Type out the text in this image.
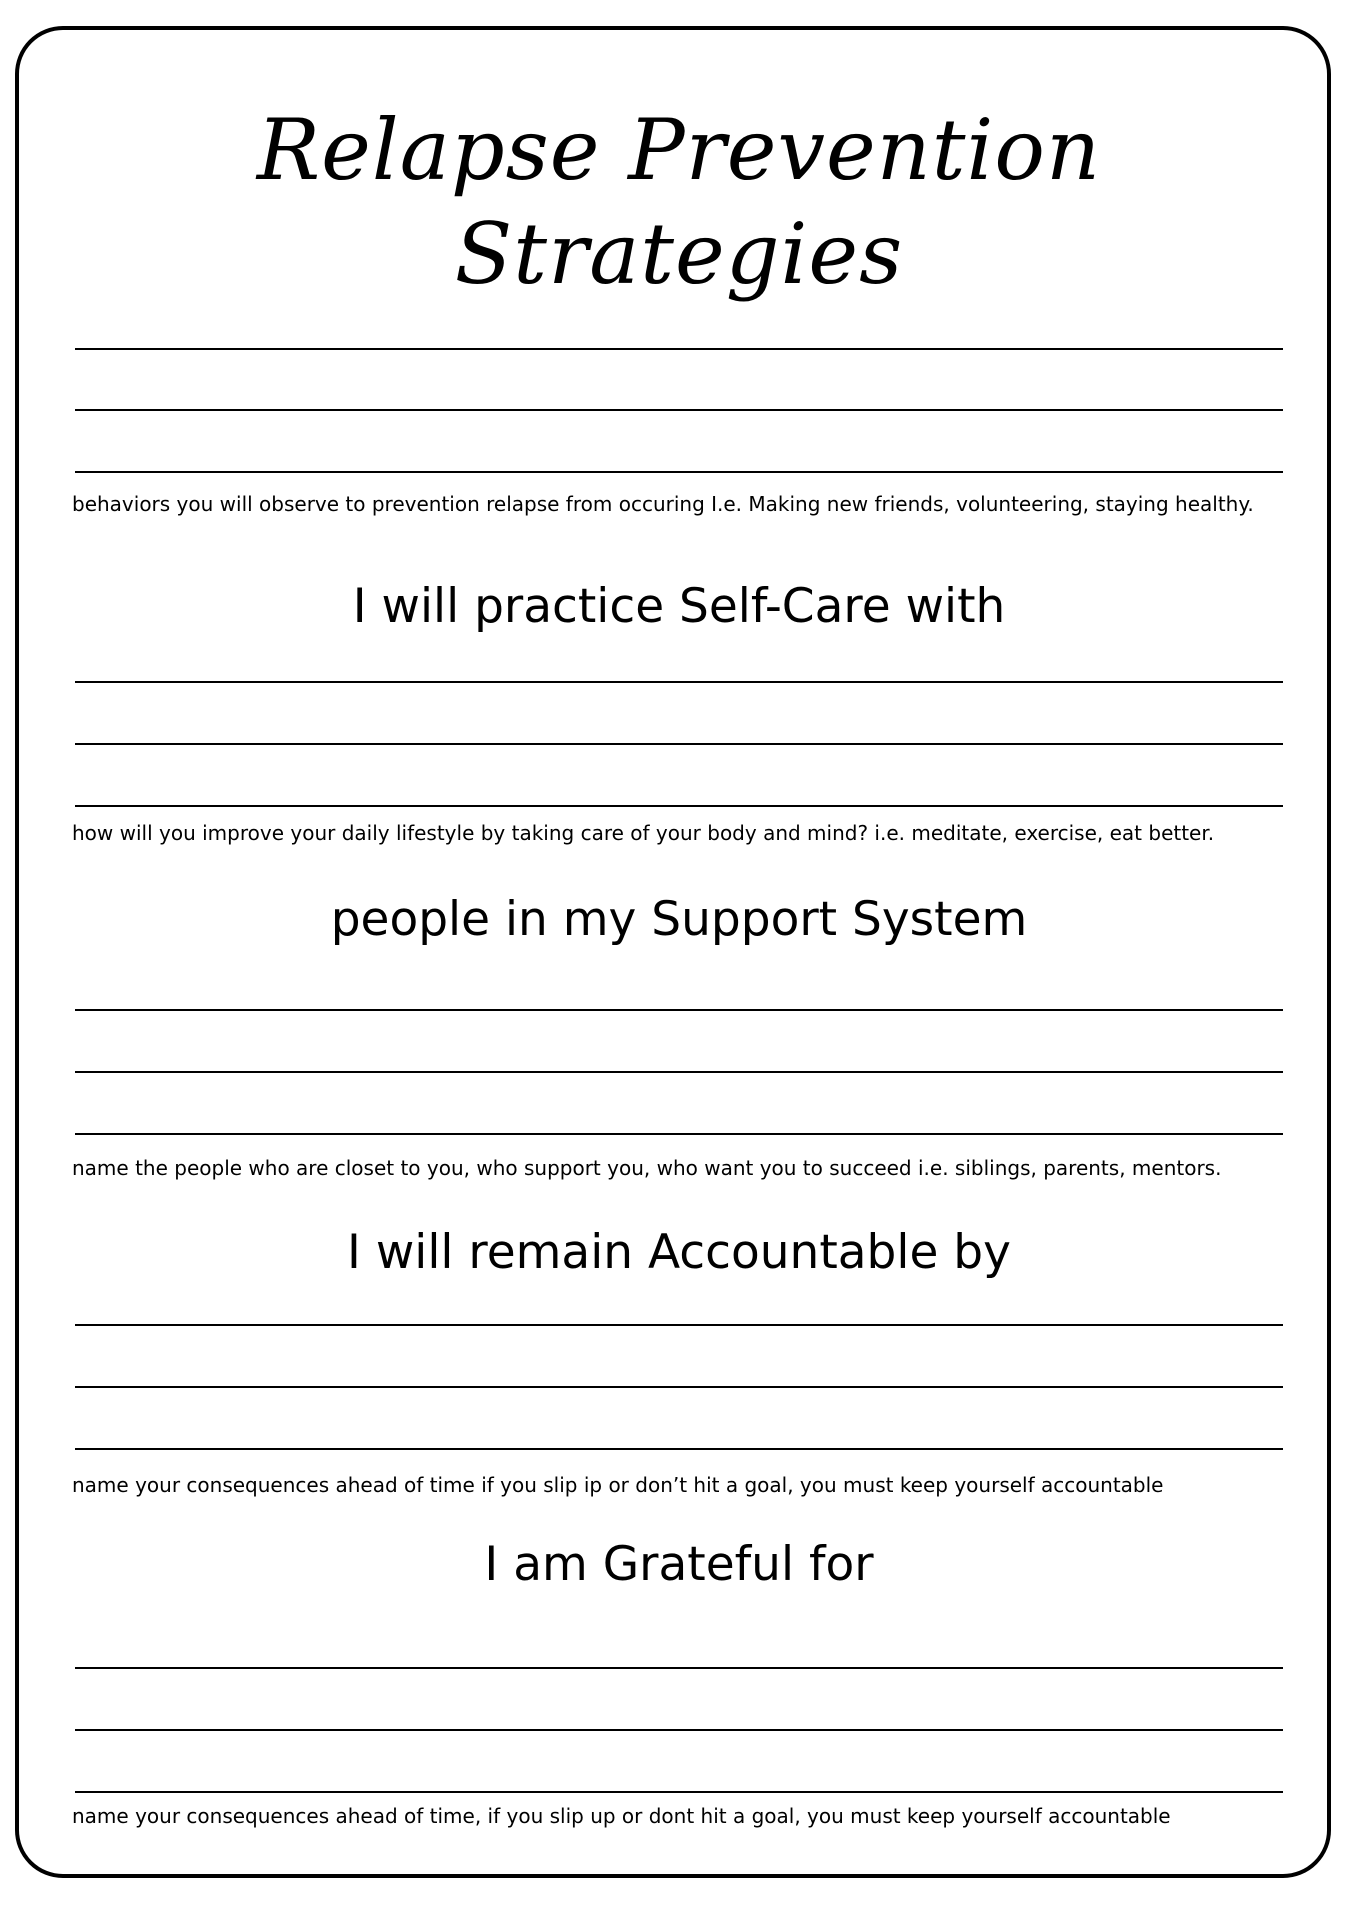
Relapse Prevention
Strategies
behaviors you will observe to prevention relapse from occuring I.e. Making new friends, volunteering, staying healthy.
I will practice Self-Care with
how will you improve your daily lifestyle by taking care of your body and mind? i.e. meditate, exercise, eat better.
people in my Support System
name the people who are closet to you, who support you, who want you to succeed i.e. siblings, parents, mentors.
I will remain Accountable by
name your consequences ahead of time if you slip ip or don’t hit a goal, you must keep yourself accountable
I am Grateful for
name your consequences ahead of time, if you slip up or dont hit a goal, you must keep yourself accountable
